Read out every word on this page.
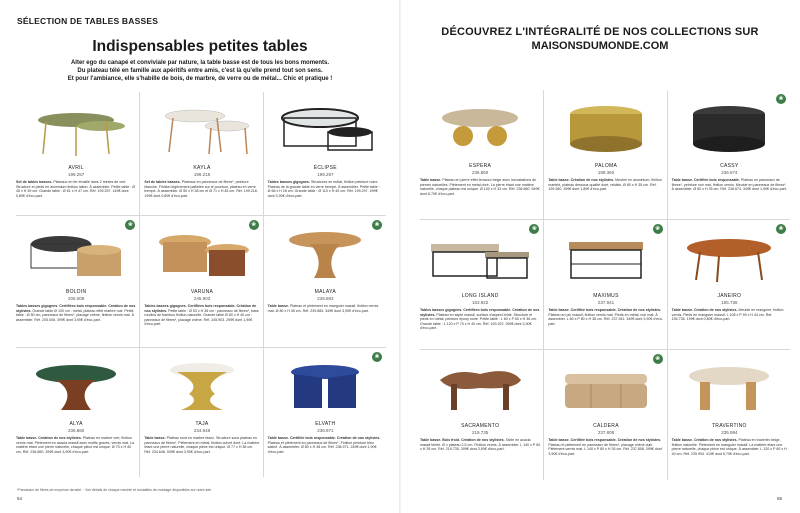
SÉLECTION DE TABLES BASSES
Indispensables petites tables
Alter ego du canapé et conviviale par nature, la table basse est de tous les bons moments.
Du plateau télé en famille aux apéritifs entre amis, c'est là qu'elle prend tout son sens.
Et pour l'ambiance, elle s'habille de bois, de marbre, de verre ou de métal... Chic et pratique !
AVRIL
199.257
Set de tables basses. Plateaux en fer émaillé dans 2 teintes de vert. Structure et pieds en aluminium finition laiton. À assembler. Petite table : Ø 45 x H 39 cm. Grande table : Ø 61 x H 47 cm. Réf. 199.257. 149€ dont 0,80€ d'éco-part.
KAYLA
199.218
Set de tables basses. Plateaux en panneaux de fibres*, peinture blanche. Finition légèrement pailletée sur le pourtour, plateau en verre trempé. À assembler. Ø 50 x H 38 cm et Ø 71 x H 45 cm. Réf. 199.218. 199€ dont 0,80€ d'éco-part.
ÉCLIPSE
199.297
Tables basses gigognes. Structures en métal, finition peinture noire. Plateau de la grande table en verre trempé. À assembler. Petite table : Ø 66 x H 28 cm. Grande table : Ø 110 x H 40 cm. Réf. 199.297. 499€ dont 3,90€ d'éco-part.
❀
BOLDIN
205.008
Tables basses gigognes. Certifiées bois responsable. Création de nos stylistes. Grande table Ø 100 cm : métal, plateau effet marbre noir. Petite table : Ø 80 cm, panneaux de fibres*, placage chêne, finition vernis mat. À assembler. Réf. 205.008. 399€ dont 3,90€ d'éco-part.
❀
VARUNA
245.903
Tables basses gigognes. Certifiées bois responsable. Création de nos stylistes. Petite table : Ø 53 x H 36 cm : panneaux de fibres*, base rondins de bambou finition naturelle. Grande table Ø 80 x H 40 cm : panneaux de fibres*, placage chêne. Réf. 245.903. 299€ dont 1,90€ d'éco-part.
❀
MALAYA
239.883
Table basse. Plateau et piètement en manguier massif, finition vernis mat. Ø 80 x H 45 cm. Réf. 239.883. 349€ dont 3,90€ d'éco-part.
ALYA
236.860
Table basse. Création de nos stylistes. Plateau en marbre vert, finition vernis mat. Piètement en acacia massif avec motifs gravés, vernis mat. La matière étant une pierre naturelle, chaque pièce est unique. Ø 70 x H 40 cm. Réf. 236.860. 399€ dont 3,90€ d'éco-part.
TAJA
234.648
Table basse. Plateau rond en marbre blanc. Structure sous plateau en panneaux de fibres*. Piètement en métal, finition cuivré doré. La matière étant une pierre naturelle, chaque pièce est unique. Ø 77 x H 38 cm. Réf. 234.648. 539€ dont 3,90€ d'éco-part.
❀
ELVATH
236.971
Table basse. Certifiée bois responsable. Création de nos stylistes. Plateau et piètement en panneaux de fibres*. Finition peinture bleu satiné. À assembler. Ø 80 x H 38 cm. Réf. 236.971. 249€ dont 1,90€ d'éco-part.
*Panneaux de fibres de moyenne densité. · Voir détails de chaque meuble et modalités de montage disponibles sur notre site.
54
DÉCOUVREZ L'INTÉGRALITÉ DE NOS COLLECTIONS SUR
MAISONSDUMONDE.COM
ESPERA
236.860
Table basse. Plateau en pierre effet terrazzo beige avec incrustations de pierres naturelles. Piètement en métal doré. La pierre étant une matière naturelle, chaque plateau est unique. Ø 100 x H 33 cm. Réf. 236.860. 549€ dont 6,70€ d'éco-part.
PALOMA
199.360
Table basse. Création de nos stylistes. Meuble en aluminium, finition martelé, plateau dessous qualité doré, rebâtis. Ø 80 x H 35 cm. Réf. 199.360. 399€ dont 1,80€ d'éco-part.
❀
CASSY
236.674
Table basse. Certifiée bois responsable. Plateau en panneaux de fibres*, peinture noir mat, finition vernis. Meuble en panneaux de fibres*. À assembler. Ø 80 x H 35 cm. Réf. 236.674. 349€ dont 1,90€ d'éco-part.
❀
LONG ISLAND
163.922
Tables basses gigognes. Certifiées bois responsable. Création de nos stylistes. Plateau en sapin massif, surface d'aspect brûlé. Structure et pieds en métal, peinture époxy noire. Petite table : L 60 x P 60 x H 36 cm. Grande table : L 120 x P 70 x H 40 cm. Réf. 163.922. 399€ dont 3,90€ d'éco-part.
❀
MAXIMUS
237.941
Table basse. Certifiée bois responsable. Création de nos stylistes. Plateau en pin massif, finition vernis mat. Pieds en métal, noir mat. À assembler. L 80 x P 80 x H 38 cm. Réf. 237.941. 349€ dont 3,90€ d'éco-part.
❀
JANEIRO
155.736
Table basse. Création de nos stylistes. Meuble en manguier, finition vernis. Pieds en manguier massif. L 108 x P 59 x H 44 cm. Réf. 155.736. 199€ dont 0,80€ d'éco-part.
SACRAMENTO
219.735
Table basse. Bois froid. Création de nos stylistes. Table en acacia massif teinté. Ø x plateau 2,5 cm. Finition vernis. À assembler. L 140 x P 60 x H 35 cm. Réf. 219.735. 399€ dont 3,90€ d'éco-part.
❀
CALDERA
237.808
Table basse. Certifiée bois responsable. Création de nos stylistes. Plateau et piètement en panneaux de fibres*, placage chêne clair. Piètement vernis mat. L 140 x P 60 x H 35 cm. Réf. 237.808. 399€ dont 3,90€ d'éco-part.
TRAVERTINO
235.994
Table basse. Création de nos stylistes. Plateau en travertin beige, finition naturelle. Piètement en manguier massif. La matière étant une pierre naturelle, chaque pièce est unique. À assembler. L 120 x P 60 x H 40 cm. Réf. 235.994. 419€ dont 6,70€ d'éco-part.
55
